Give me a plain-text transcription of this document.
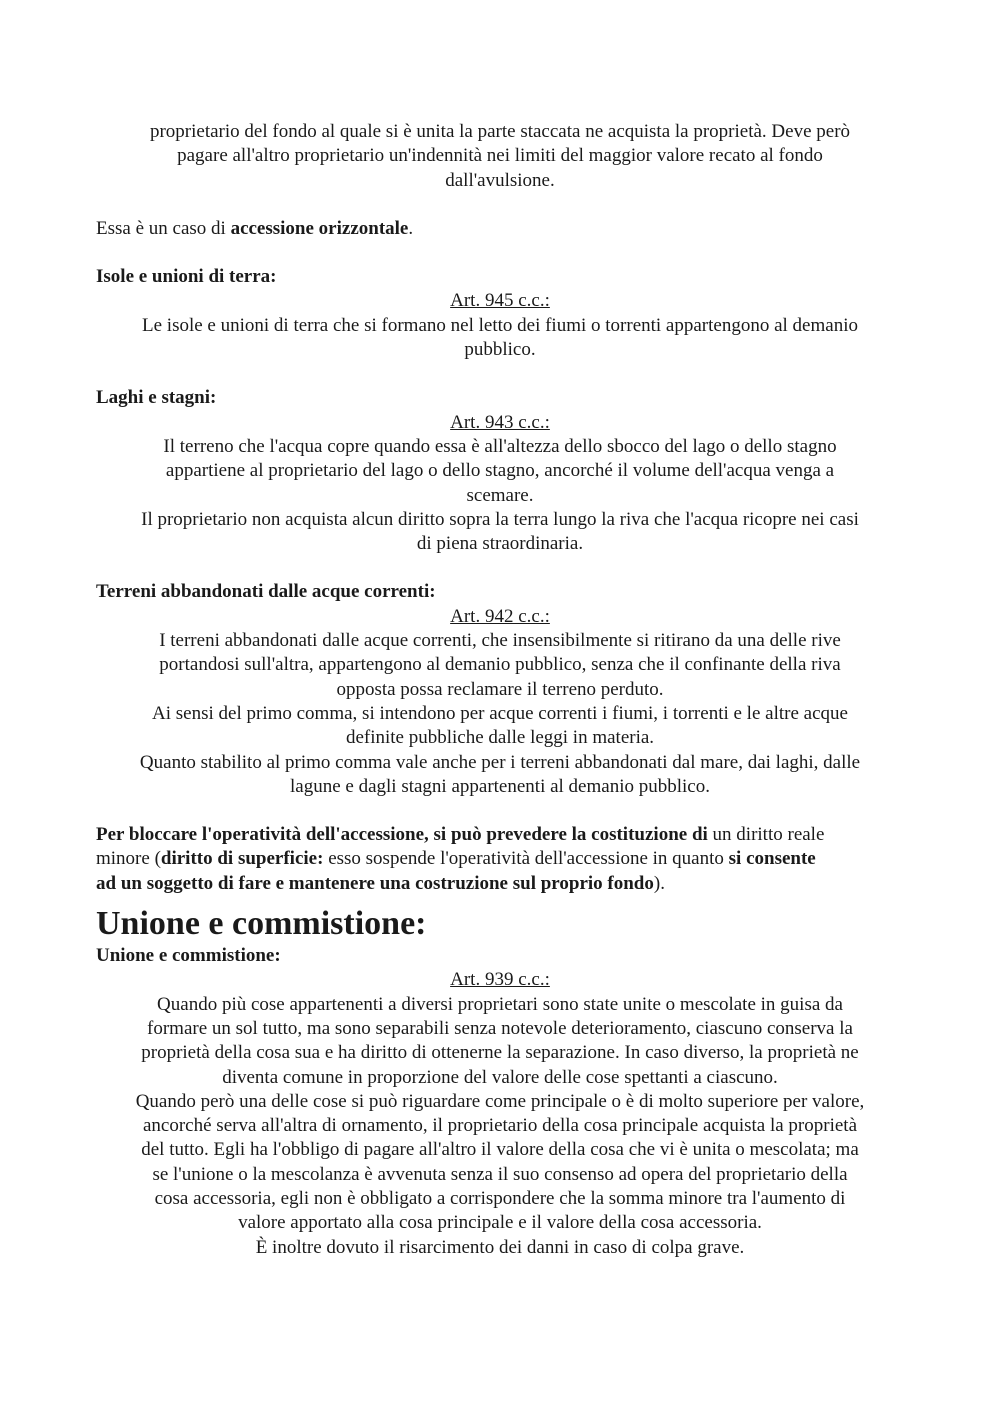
proprietario del fondo al quale si è unita la parte staccata ne acquista la proprietà. Deve però

pagare all'altro proprietario un'indennità nei limiti del maggior valore recato al fondo

dall'avulsione.

Essa è un caso di accessione orizzontale.

Isole e unioni di terra:

Art. 945 c.c.:

Le isole e unioni di terra che si formano nel letto dei fiumi o torrenti appartengono al demanio

pubblico.

Laghi e stagni:

Art. 943 c.c.:

Il terreno che l'acqua copre quando essa è all'altezza dello sbocco del lago o dello stagno

appartiene al proprietario del lago o dello stagno, ancorché il volume dell'acqua venga a

scemare.

Il proprietario non acquista alcun diritto sopra la terra lungo la riva che l'acqua ricopre nei casi

di piena straordinaria.

Terreni abbandonati dalle acque correnti:

Art. 942 c.c.:

I terreni abbandonati dalle acque correnti, che insensibilmente si ritirano da una delle rive

portandosi sull'altra, appartengono al demanio pubblico, senza che il confinante della riva

opposta possa reclamare il terreno perduto.

Ai sensi del primo comma, si intendono per acque correnti i fiumi, i torrenti e le altre acque

definite pubbliche dalle leggi in materia.

Quanto stabilito al primo comma vale anche per i terreni abbandonati dal mare, dai laghi, dalle

lagune e dagli stagni appartenenti al demanio pubblico.

Per bloccare l'operatività dell'accessione, si può prevedere la costituzione di un diritto reale

minore (diritto di superficie: esso sospende l'operatività dell'accessione in quanto si consente

ad un soggetto di fare e mantenere una costruzione sul proprio fondo).

Unione e commistione:

Unione e commistione:

Art. 939 c.c.:

Quando più cose appartenenti a diversi proprietari sono state unite o mescolate in guisa da

formare un sol tutto, ma sono separabili senza notevole deterioramento, ciascuno conserva la

proprietà della cosa sua e ha diritto di ottenerne la separazione. In caso diverso, la proprietà ne

diventa comune in proporzione del valore delle cose spettanti a ciascuno.

Quando però una delle cose si può riguardare come principale o è di molto superiore per valore,

ancorché serva all'altra di ornamento, il proprietario della cosa principale acquista la proprietà

del tutto. Egli ha l'obbligo di pagare all'altro il valore della cosa che vi è unita o mescolata; ma

se l'unione o la mescolanza è avvenuta senza il suo consenso ad opera del proprietario della

cosa accessoria, egli non è obbligato a corrispondere che la somma minore tra l'aumento di

valore apportato alla cosa principale e il valore della cosa accessoria.

È inoltre dovuto il risarcimento dei danni in caso di colpa grave.
